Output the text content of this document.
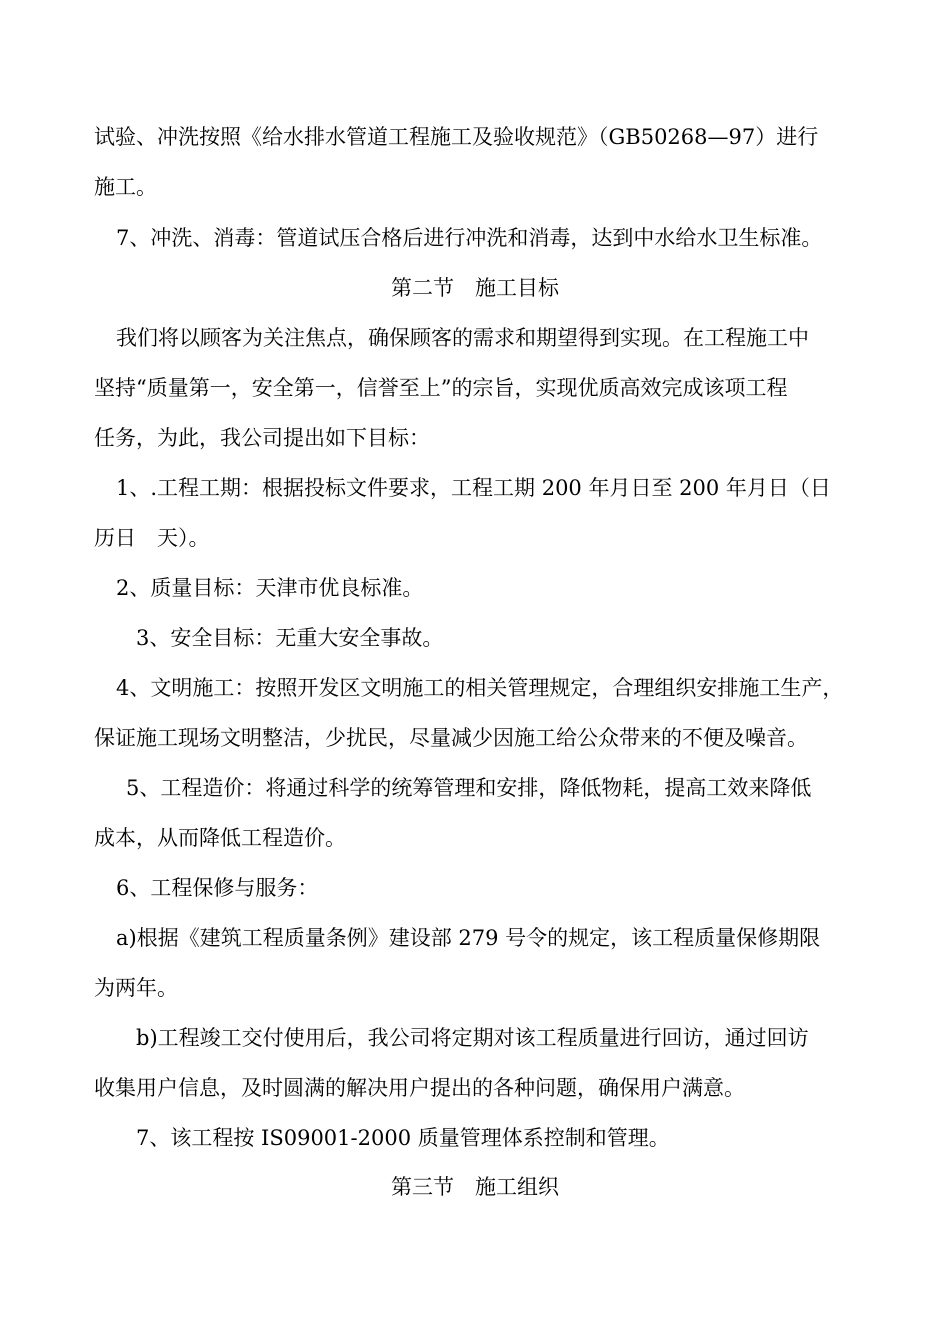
试验、冲洗按照《给水排水管道工程施工及验收规范》（GB50268—97）进行
施工。
7、冲洗、消毒：管道试压合格后进行冲洗和消毒，达到中水给水卫生标准。
第二节　施工目标
我们将以顾客为关注焦点，确保顾客的需求和期望得到实现。在工程施工中
坚持“质量第一，安全第一，信誉至上”的宗旨，实现优质高效完成该项工程
任务，为此，我公司提出如下目标：
1、.工程工期：根据投标文件要求，工程工期 200 年月日至 200 年月日（日
历日　天）。
2、质量目标：天津市优良标准。
3、安全目标：无重大安全事故。
4、文明施工：按照开发区文明施工的相关管理规定，合理组织安排施工生产，
保证施工现场文明整洁，少扰民，尽量减少因施工给公众带来的不便及噪音。
5、工程造价：将通过科学的统筹管理和安排，降低物耗，提高工效来降低
成本，从而降低工程造价。
6、工程保修与服务：
a)根据《建筑工程质量条例》建设部 279 号令的规定，该工程质量保修期限
为两年。
b)工程竣工交付使用后，我公司将定期对该工程质量进行回访，通过回访
收集用户信息，及时圆满的解决用户提出的各种问题，确保用户满意。
7、该工程按 IS09001-2000 质量管理体系控制和管理。
第三节　施工组织
